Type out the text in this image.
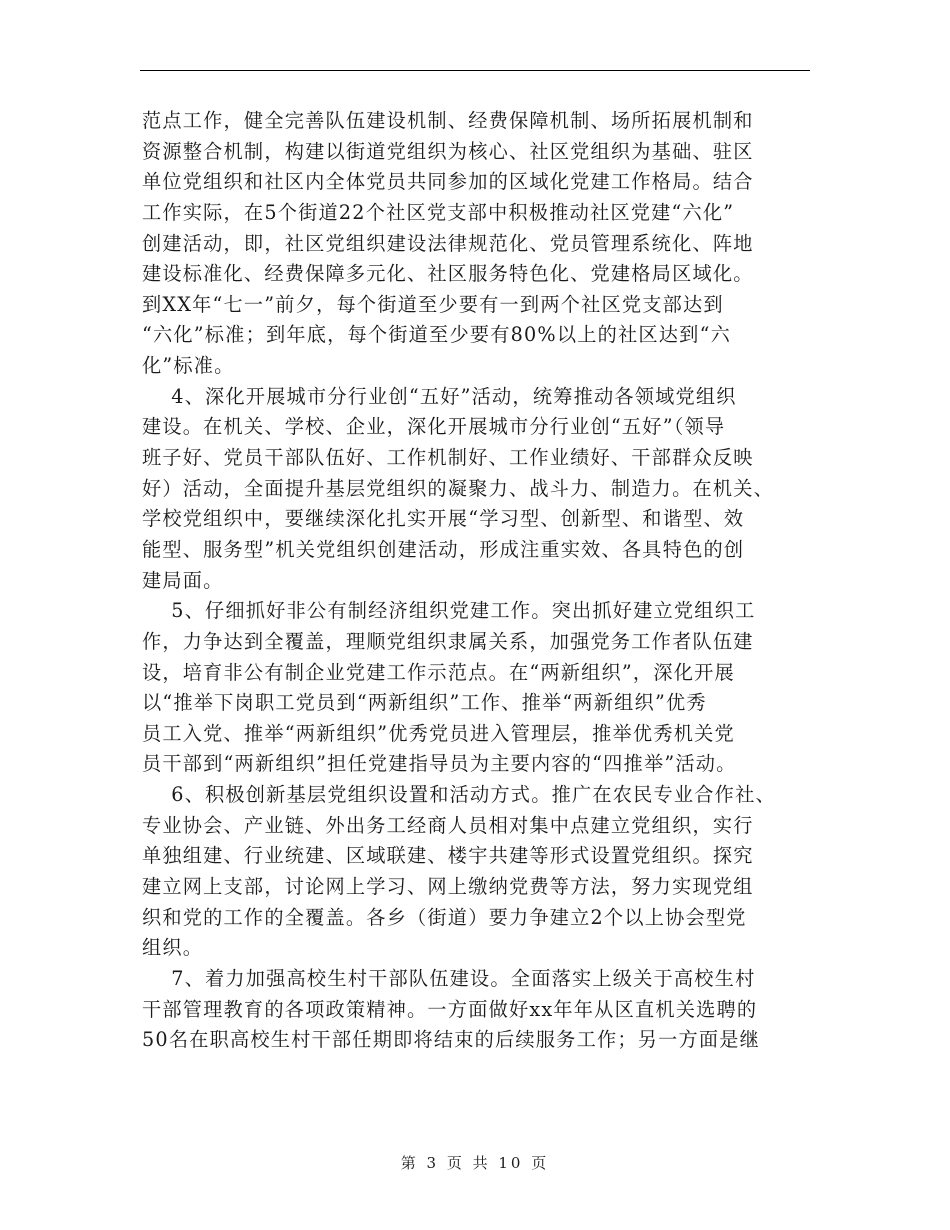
范点工作，健全完善队伍建设机制、经费保障机制、场所拓展机制和
资源整合机制，构建以街道党组织为核心、社区党组织为基础、驻区
单位党组织和社区内全体党员共同参加的区域化党建工作格局。结合
工作实际，在5个街道22个社区党支部中积极推动社区党建“六化”
创建活动，即，社区党组织建设法律规范化、党员管理系统化、阵地
建设标准化、经费保障多元化、社区服务特色化、党建格局区域化。
到XX年“七一”前夕，每个街道至少要有一到两个社区党支部达到
“六化”标准；到年底，每个街道至少要有80%以上的社区达到“六
化”标准。
4、深化开展城市分行业创“五好”活动，统筹推动各领域党组织
建设。在机关、学校、企业，深化开展城市分行业创“五好”（领导
班子好、党员干部队伍好、工作机制好、工作业绩好、干部群众反映
好）活动，全面提升基层党组织的凝聚力、战斗力、制造力。在机关、
学校党组织中，要继续深化扎实开展“学习型、创新型、和谐型、效
能型、服务型”机关党组织创建活动，形成注重实效、各具特色的创
建局面。
5、仔细抓好非公有制经济组织党建工作。突出抓好建立党组织工
作，力争达到全覆盖，理顺党组织隶属关系，加强党务工作者队伍建
设，培育非公有制企业党建工作示范点。在“两新组织”，深化开展
以“推举下岗职工党员到“两新组织”工作、推举“两新组织”优秀
员工入党、推举“两新组织”优秀党员进入管理层，推举优秀机关党
员干部到“两新组织”担任党建指导员为主要内容的“四推举”活动。
6、积极创新基层党组织设置和活动方式。推广在农民专业合作社、
专业协会、产业链、外出务工经商人员相对集中点建立党组织，实行
单独组建、行业统建、区域联建、楼宇共建等形式设置党组织。探究
建立网上支部，讨论网上学习、网上缴纳党费等方法，努力实现党组
织和党的工作的全覆盖。各乡（街道）要力争建立2个以上协会型党
组织。
7、着力加强高校生村干部队伍建设。全面落实上级关于高校生村
干部管理教育的各项政策精神。一方面做好xx年年从区直机关选聘的
50名在职高校生村干部任期即将结束的后续服务工作；另一方面是继
第 3 页 共 10 页
